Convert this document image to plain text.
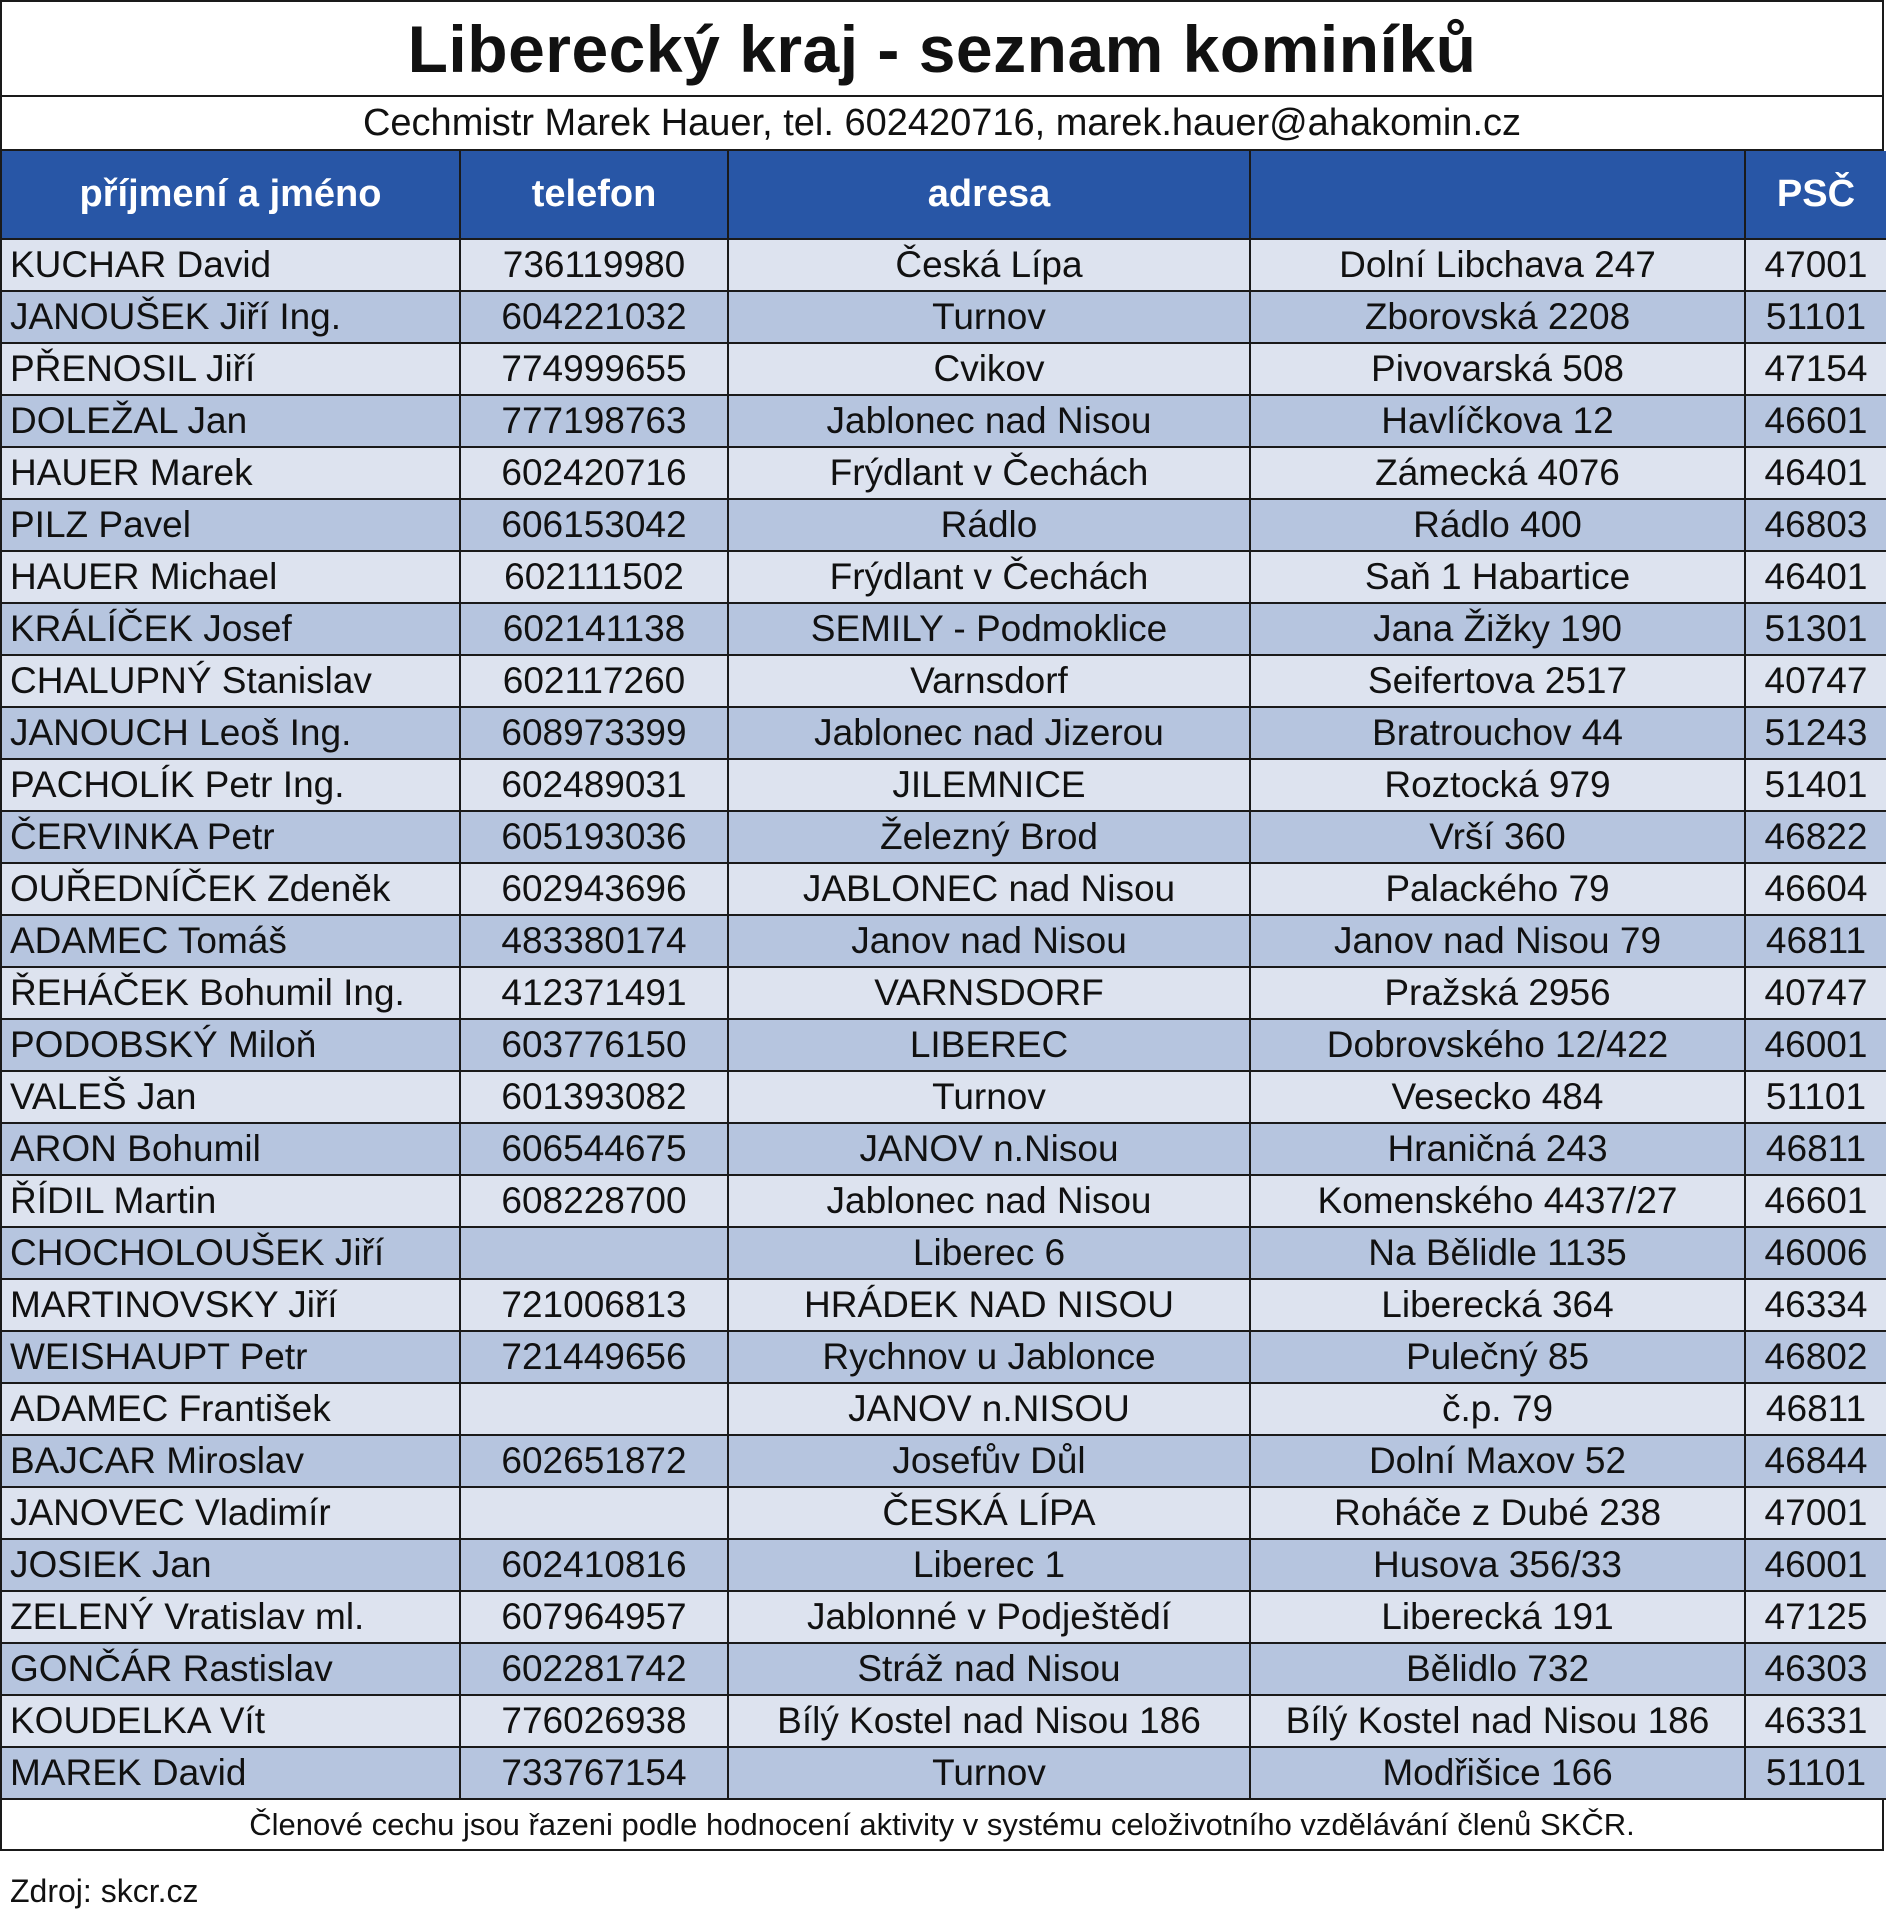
Liberecký kraj - seznam kominíků
Cechmistr Marek Hauer, tel. 602420716, marek.hauer@ahakomin.cz
příjmení a jméno	telefon	adresa		PSČ
KUCHAR David	736119980	Česká Lípa	Dolní Libchava 247	47001
JANOUŠEK Jiří Ing.	604221032	Turnov	Zborovská 2208	51101
PŘENOSIL Jiří	774999655	Cvikov	Pivovarská 508	47154
DOLEŽAL Jan	777198763	Jablonec nad Nisou	Havlíčkova 12	46601
HAUER Marek	602420716	Frýdlant v Čechách	Zámecká 4076	46401
PILZ Pavel	606153042	Rádlo	Rádlo 400	46803
HAUER Michael	602111502	Frýdlant v Čechách	Saň 1 Habartice	46401
KRÁLÍČEK Josef	602141138	SEMILY - Podmoklice	Jana Žižky 190	51301
CHALUPNÝ Stanislav	602117260	Varnsdorf	Seifertova 2517	40747
JANOUCH Leoš Ing.	608973399	Jablonec nad Jizerou	Bratrouchov 44	51243
PACHOLÍK Petr Ing.	602489031	JILEMNICE	Roztocká 979	51401
ČERVINKA Petr	605193036	Železný Brod	Vrší 360	46822
OUŘEDNÍČEK Zdeněk	602943696	JABLONEC nad Nisou	Palackého 79	46604
ADAMEC Tomáš	483380174	Janov nad Nisou	Janov nad Nisou 79	46811
ŘEHÁČEK Bohumil Ing.	412371491	VARNSDORF	Pražská 2956	40747
PODOBSKÝ Miloň	603776150	LIBEREC	Dobrovského 12/422	46001
VALEŠ Jan	601393082	Turnov	Vesecko 484	51101
ARON Bohumil	606544675	JANOV n.Nisou	Hraničná 243	46811
ŘÍDIL Martin	608228700	Jablonec nad Nisou	Komenského 4437/27	46601
CHOCHOLOUŠEK Jiří		Liberec 6	Na Bělidle 1135	46006
MARTINOVSKY Jiří	721006813	HRÁDEK NAD NISOU	Liberecká 364	46334
WEISHAUPT Petr	721449656	Rychnov u Jablonce	Pulečný 85	46802
ADAMEC František		JANOV n.NISOU	č.p. 79	46811
BAJCAR Miroslav	602651872	Josefův Důl	Dolní Maxov 52	46844
JANOVEC Vladimír		ČESKÁ LÍPA	Roháče z Dubé 238	47001
JOSIEK Jan	602410816	Liberec 1	Husova 356/33	46001
ZELENÝ Vratislav ml.	607964957	Jablonné v Podještědí	Liberecká 191	47125
GONČÁR Rastislav	602281742	Stráž nad Nisou	Bělidlo 732	46303
KOUDELKA Vít	776026938	Bílý Kostel nad Nisou 186	Bílý Kostel nad Nisou 186	46331
MAREK David	733767154	Turnov	Modřišice 166	51101
Členové cechu jsou řazeni podle hodnocení aktivity v systému celoživotního vzdělávání členů SKČR.
Zdroj: skcr.cz
